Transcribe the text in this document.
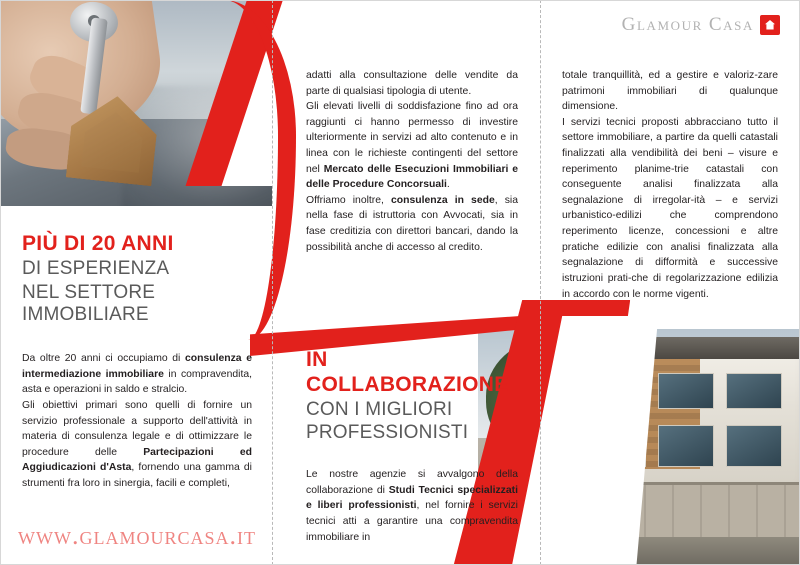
Glamour Casa
PIÙ DI 20 ANNI

DI ESPERIENZA

NEL SETTORE IMMOBILIARE

Da oltre 20 anni ci occupiamo di consulenza e intermediazione immobiliare in compravendita, asta e operazioni in saldo e stralcio.

Gli obiettivi primari sono quelli di fornire un servizio professionale a supporto dell'attività in materia di consulenza legale e di ottimizzare le procedure delle Partecipazioni ed Aggiudicazioni d'Asta, fornendo una gamma di strumenti fra loro in sinergia, facili e completi,

adatti alla consultazione delle vendite da parte di qualsiasi tipologia di utente.

Gli elevati livelli di soddisfazione fino ad ora raggiunti ci hanno permesso di investire ulteriormente in servizi ad alto contenuto e in linea con le richieste contingenti del settore nel Mercato delle Esecuzioni Immobiliari e delle Procedure Concorsuali.

Offriamo inoltre, consulenza in sede, sia nella fase di istruttoria con Avvocati, sia in fase creditizia con direttori bancari, dando la possibilità anche di accesso al credito.

IN COLLABORAZIONE

CON I MIGLIORI

PROFESSIONISTI

Le nostre agenzie si avvalgono della collaborazione di Studi Tecnici specializzati e liberi professionisti, nel fornire i servizi tecnici atti a garantire una compravendita immobiliare in

totale tranquillità, ed a gestire e valoriz-zare patrimoni immobiliari di qualunque dimensione.

I servizi tecnici proposti abbracciano tutto il settore immobiliare, a partire da quelli catastali finalizzati alla vendibilità dei beni – visure e reperimento planime-trie catastali con conseguente analisi finalizzata alla segnalazione di irregolar-ità – e servizi urbanistico-edilizi che comprendono reperimento licenze, concessioni e altre pratiche edilizie con analisi finalizzata alla segnalazione di difformità e successive istruzioni prati-che di regolarizzazione edilizia in accordo con le norme vigenti.

www.glamourcasa.it
